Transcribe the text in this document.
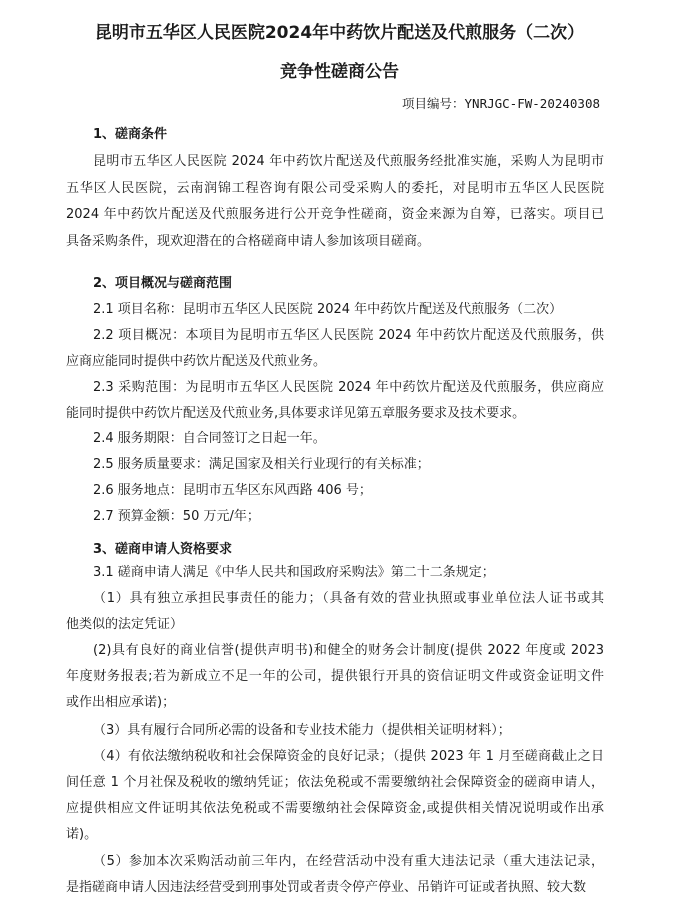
昆明市五华区人民医院2024年中药饮片配送及代煎服务（二次）
竞争性磋商公告
项目编号：YNRJGC-FW-20240308
1、磋商条件
昆明市五华区人民医院 2024 年中药饮片配送及代煎服务经批准实施，采购人为昆明市
五华区人民医院，云南润锦工程咨询有限公司受采购人的委托，对昆明市五华区人民医院
2024 年中药饮片配送及代煎服务进行公开竞争性磋商，资金来源为自筹，已落实。项目已
具备采购条件，现欢迎潜在的合格磋商申请人参加该项目磋商。
2、项目概况与磋商范围
2.1 项目名称：昆明市五华区人民医院 2024 年中药饮片配送及代煎服务（二次）
2.2 项目概况：本项目为昆明市五华区人民医院 2024 年中药饮片配送及代煎服务，供
应商应能同时提供中药饮片配送及代煎业务。
2.3 采购范围：为昆明市五华区人民医院 2024 年中药饮片配送及代煎服务，供应商应
能同时提供中药饮片配送及代煎业务,具体要求详见第五章服务要求及技术要求。
2.4 服务期限：自合同签订之日起一年。
2.5 服务质量要求：满足国家及相关行业现行的有关标准；
2.6 服务地点：昆明市五华区东风西路 406 号；
2.7 预算金额：50 万元/年；
3、磋商申请人资格要求
3.1 磋商申请人满足《中华人民共和国政府采购法》第二十二条规定；
（1）具有独立承担民事责任的能力；（具备有效的营业执照或事业单位法人证书或其
他类似的法定凭证）
(2)具有良好的商业信誉(提供声明书)和健全的财务会计制度(提供 2022 年度或 2023
年度财务报表;若为新成立不足一年的公司，提供银行开具的资信证明文件或资金证明文件
或作出相应承诺)；
（3）具有履行合同所必需的设备和专业技术能力（提供相关证明材料）；
（4）有依法缴纳税收和社会保障资金的良好记录；（提供 2023 年 1 月至磋商截止之日
间任意 1 个月社保及税收的缴纳凭证；依法免税或不需要缴纳社会保障资金的磋商申请人，
应提供相应文件证明其依法免税或不需要缴纳社会保障资金,或提供相关情况说明或作出承
诺)。
（5）参加本次采购活动前三年内，在经营活动中没有重大违法记录（重大违法记录，
是指磋商申请人因违法经营受到刑事处罚或者责令停产停业、吊销许可证或者执照、较大数
